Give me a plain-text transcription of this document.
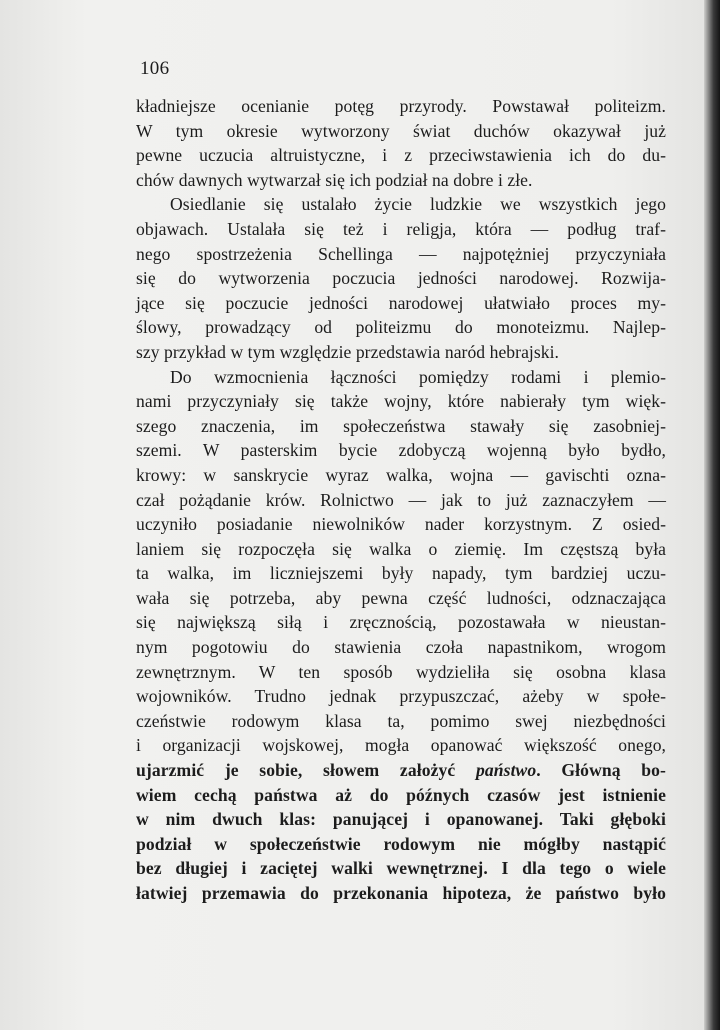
106
kładniejsze ocenianie potęg przyrody. Powstawał politeizm.
W tym okresie wytworzony świat duchów okazywał już
pewne uczucia altruistyczne, i z przeciwstawienia ich do du-
chów dawnych wytwarzał się ich podział na dobre i złe.
Osiedlanie się ustalało życie ludzkie we wszystkich jego
objawach. Ustalała się też i religja, która — podług traf-
nego spostrzeżenia Schellinga — najpotężniej przyczyniała
się do wytworzenia poczucia jedności narodowej. Rozwija-
jące się poczucie jedności narodowej ułatwiało proces my-
ślowy, prowadzący od politeizmu do monoteizmu. Najlep-
szy przykład w tym względzie przedstawia naród hebrajski.
Do wzmocnienia łączności pomiędzy rodami i plemio-
nami przyczyniały się także wojny, które nabierały tym więk-
szego znaczenia, im społeczeństwa stawały się zasobniej-
szemi. W pasterskim bycie zdobyczą wojenną było bydło,
krowy: w sanskrycie wyraz walka, wojna — gavischti ozna-
czał pożądanie krów. Rolnictwo — jak to już zaznaczyłem —
uczyniło posiadanie niewolników nader korzystnym. Z osied-
laniem się rozpoczęła się walka o ziemię. Im częstszą była
ta walka, im liczniejszemi były napady, tym bardziej uczu-
wała się potrzeba, aby pewna część ludności, odznaczająca
się największą siłą i zręcznością, pozostawała w nieustan-
nym pogotowiu do stawienia czoła napastnikom, wrogom
zewnętrznym. W ten sposób wydzieliła się osobna klasa
wojowników. Trudno jednak przypuszczać, ażeby w społe-
czeństwie rodowym klasa ta, pomimo swej niezbędności
i organizacji wojskowej, mogła opanować większość onego,
ujarzmić je sobie, słowem założyć państwo. Główną bo-
wiem cechą państwa aż do późnych czasów jest istnienie
w nim dwuch klas: panującej i opanowanej. Taki głęboki
podział w społeczeństwie rodowym nie mógłby nastąpić
bez długiej i zaciętej walki wewnętrznej. I dla tego o wiele
łatwiej przemawia do przekonania hipoteza, że państwo było
